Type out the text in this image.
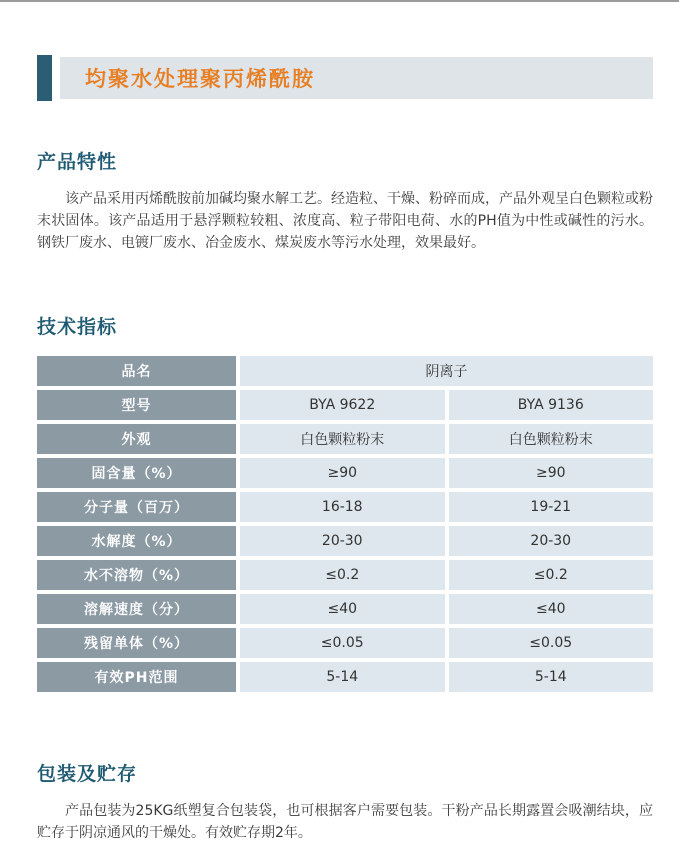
均聚水处理聚丙烯酰胺
产品特性

该产品采用丙烯酰胺前加碱均聚水解工艺。经造粒、干燥、粉碎而成，产品外观呈白色颗粒或粉末状固体。该产品适用于悬浮颗粒较粗、浓度高、粒子带阳电荷、水的PH值为中性或碱性的污水。钢铁厂废水、电镀厂废水、冶金废水、煤炭废水等污水处理，效果最好。

技术指标
品名	阴离子	
型号	BYA 9622	BYA 9136
外观	白色颗粒粉末	白色颗粒粉末
固含量（%）	≥90	≥90
分子量（百万）	16-18	19-21
水解度（%）	20-30	20-30
水不溶物（%）	≤0.2	≤0.2
溶解速度（分）	≤40	≤40
残留单体（%）	≤0.05	≤0.05
有效PH范围	5-14	5-14
包装及贮存

产品包装为25KG纸塑复合包装袋，也可根据客户需要包装。干粉产品长期露置会吸潮结块，应贮存于阴凉通风的干燥处。有效贮存期2年。
